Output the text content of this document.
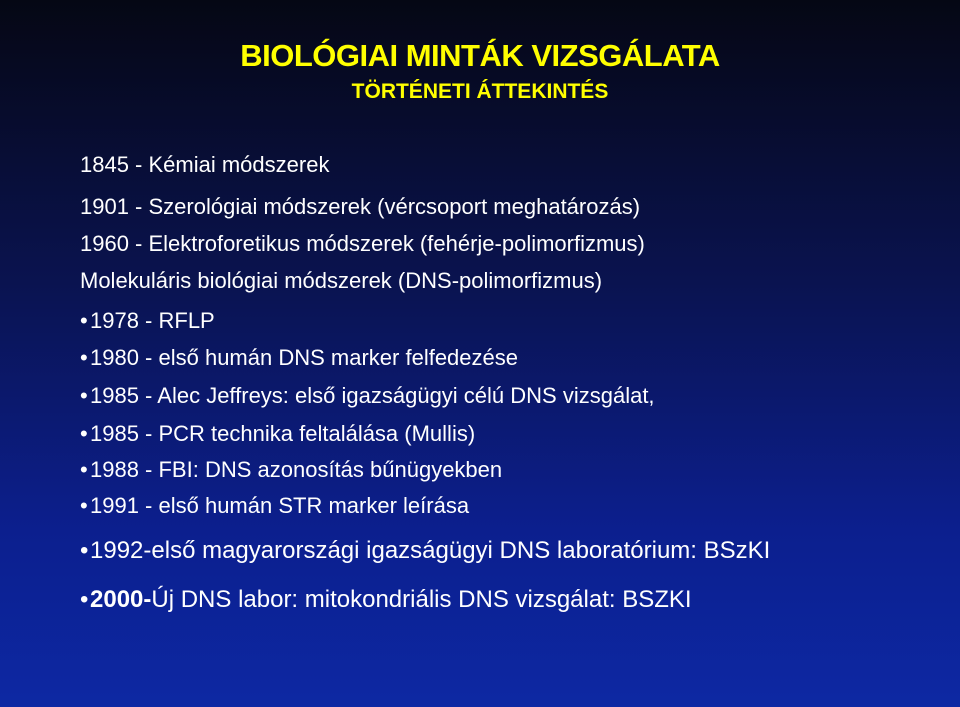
BIOLÓGIAI MINTÁK VIZSGÁLATA
TÖRTÉNETI ÁTTEKINTÉS
1845 - Kémiai módszerek
1901 - Szerológiai módszerek (vércsoport meghatározás)
1960 - Elektroforetikus módszerek (fehérje-polimorfizmus)
Molekuláris biológiai módszerek (DNS-polimorfizmus)
• 1978 - RFLP
• 1980 - első humán DNS marker felfedezése
• 1985 - Alec Jeffreys: első igazságügyi célú DNS vizsgálat,
• 1985 - PCR technika feltalálása (Mullis)
• 1988 - FBI: DNS azonosítás bűnügyekben
• 1991 - első humán STR marker leírása
•1992-első magyarországi igazságügyi DNS laboratórium: BSzKI
•2000-Új DNS labor: mitokondriális DNS vizsgálat: BSZKI
